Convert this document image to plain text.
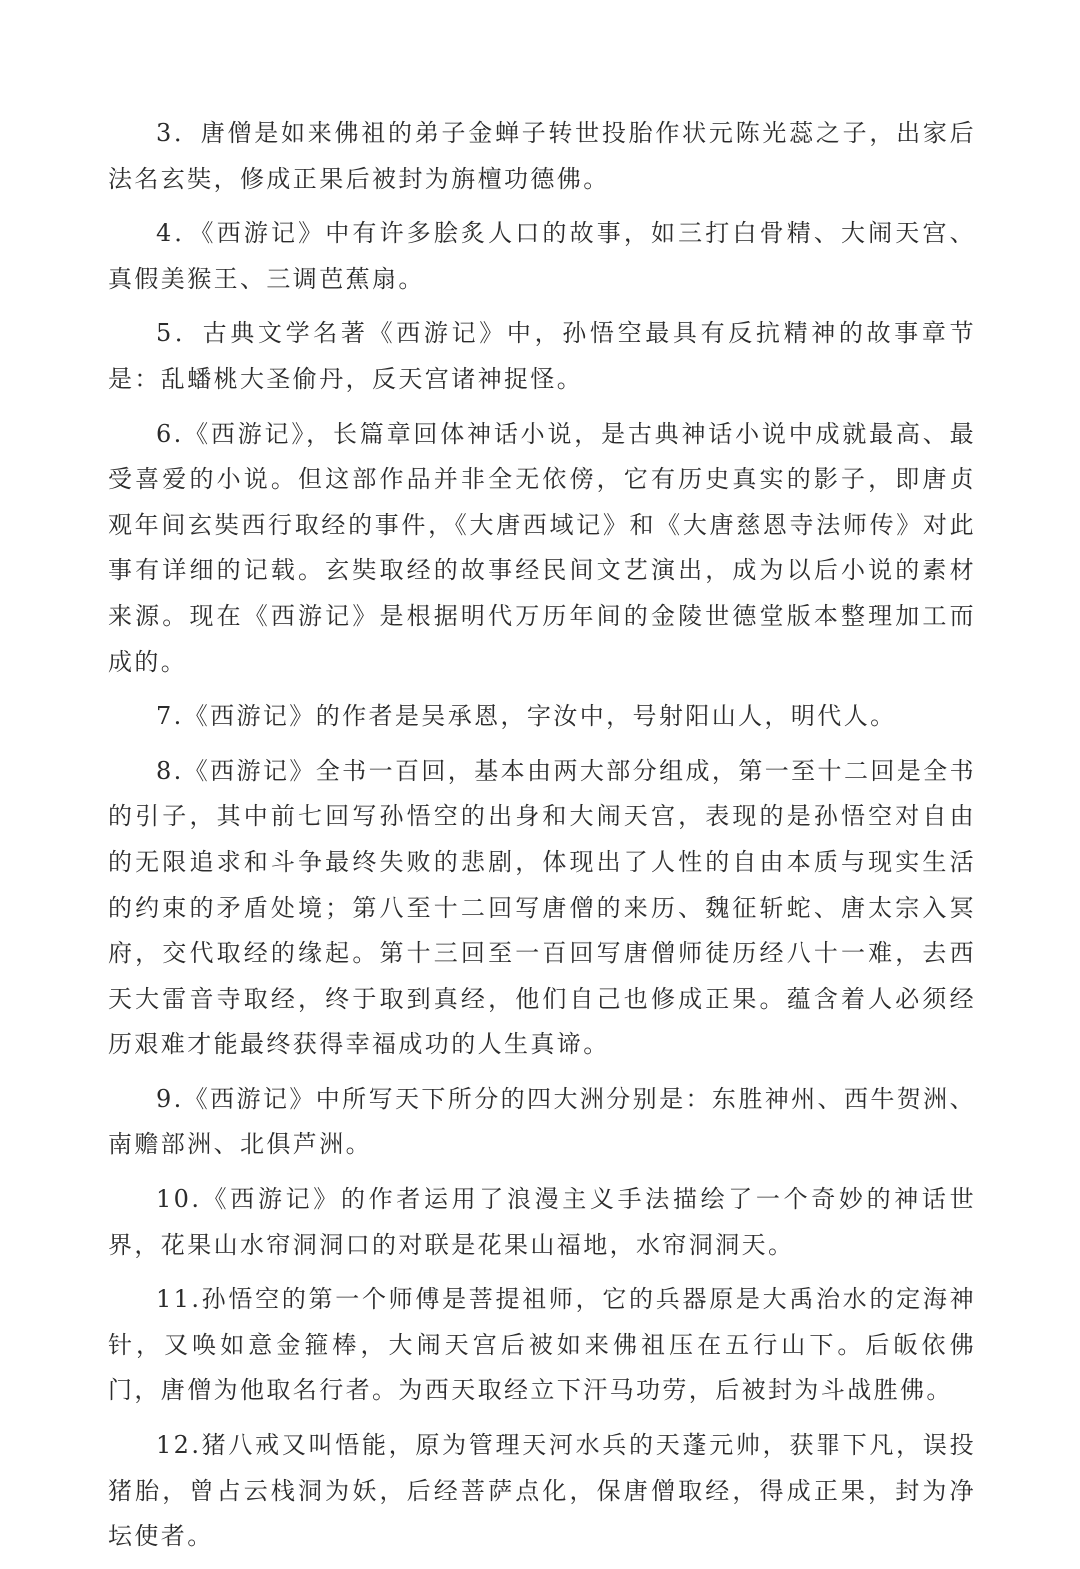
3．唐僧是如来佛祖的弟子金蝉子转世投胎作状元陈光蕊之子，出家后法名玄奘，修成正果后被封为旃檀功德佛。

4．《西游记》中有许多脍炙人口的故事，如三打白骨精、大闹天宫、真假美猴王、三调芭蕉扇。

5．古典文学名著《西游记》中，孙悟空最具有反抗精神的故事章节是：乱蟠桃大圣偷丹，反天宫诸神捉怪。

6.《西游记》，长篇章回体神话小说，是古典神话小说中成就最高、最受喜爱的小说。但这部作品并非全无依傍，它有历史真实的影子，即唐贞观年间玄奘西行取经的事件，《大唐西域记》和《大唐慈恩寺法师传》对此事有详细的记载。玄奘取经的故事经民间文艺演出，成为以后小说的素材来源。现在《西游记》是根据明代万历年间的金陵世德堂版本整理加工而成的。

7.《西游记》的作者是吴承恩，字汝中，号射阳山人，明代人。

8.《西游记》全书一百回，基本由两大部分组成，第一至十二回是全书的引子，其中前七回写孙悟空的出身和大闹天宫，表现的是孙悟空对自由的无限追求和斗争最终失败的悲剧，体现出了人性的自由本质与现实生活的约束的矛盾处境；第八至十二回写唐僧的来历、魏征斩蛇、唐太宗入冥府，交代取经的缘起。第十三回至一百回写唐僧师徒历经八十一难，去西天大雷音寺取经，终于取到真经，他们自己也修成正果。蕴含着人必须经历艰难才能最终获得幸福成功的人生真谛。

9.《西游记》中所写天下所分的四大洲分别是：东胜神州、西牛贺洲、南赡部洲、北俱芦洲。

10.《西游记》的作者运用了浪漫主义手法描绘了一个奇妙的神话世界，花果山水帘洞洞口的对联是花果山福地，水帘洞洞天。

11.孙悟空的第一个师傅是菩提祖师，它的兵器原是大禹治水的定海神针，又唤如意金箍棒，大闹天宫后被如来佛祖压在五行山下。后皈依佛门，唐僧为他取名行者。为西天取经立下汗马功劳，后被封为斗战胜佛。

12.猪八戒又叫悟能，原为管理天河水兵的天蓬元帅，获罪下凡，误投猪胎，曾占云栈洞为妖，后经菩萨点化，保唐僧取经，得成正果，封为净坛使者。
